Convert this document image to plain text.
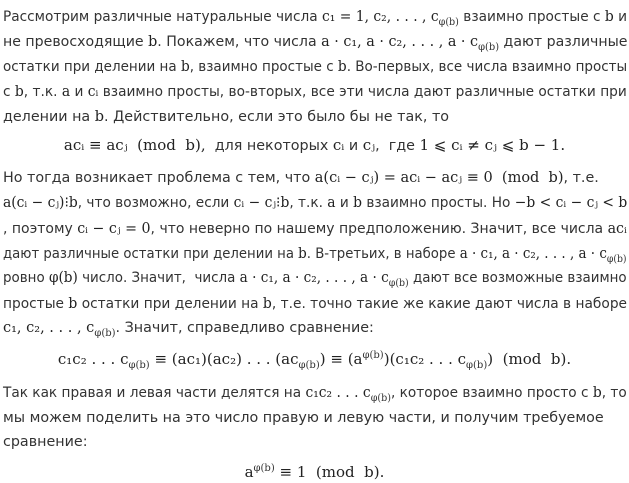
Рассмотрим различные натуральные числа c₁ = 1, c₂, . . . , $c_{\varphi(b)}$ взаимно простые с b и
не превосходящие b. Покажем, что числа a · c₁, a · c₂, . . . , $a \cdot c_{\varphi(b)}$ дают различные
остатки при делении на b, взаимно простые с b. Во-первых, все числа взаимно просты
с b, т.к. a и cᵢ взаимно просты, во-вторых, все эти числа дают различные остатки при
делении на b. Действительно, если это было бы не так, то
acᵢ ≡ acⱼ  (mod  b),  для некоторых cᵢ и cⱼ,  где 1 ⩽ cᵢ ≠ cⱼ ⩽ b − 1.
Но тогда возникает проблема с тем, что a(cᵢ − cⱼ) = acᵢ − acⱼ ≡ 0  (mod  b), т.е.
a(cᵢ − cⱼ)⁝b, что возможно, если cᵢ − cⱼ⁝b, т.к. a и b взаимно просты. Но −b < cᵢ − cⱼ < b
, поэтому cᵢ − cⱼ = 0, что неверно по нашему предположению. Значит, все числа acᵢ
дают различные остатки при делении на b. В-третьих, в наборе a · c₁, a · c₂, . . . , $a \cdot c_{\varphi(b)}$
ровно φ(b) число. Значит,  числа a · c₁, a · c₂, . . . , $a \cdot c_{\varphi(b)}$ дают все возможные взаимно
простые b остатки при делении на b, т.е. точно такие же какие дают числа в наборе
c₁, c₂, . . . , $c_{\varphi(b)}$. Значит, справедливо сравнение:
c₁c₂ . . . $c_{\varphi(b)} \equiv (ac_1)(ac_2)$ . . . $(ac_{\varphi(b)}) \equiv (a^{\varphi(b)})(c_1c_2$ . . . $c_{\varphi(b)}$)  (mod  b).
Так как правая и левая части делятся на c₁c₂ . . . $c_{\varphi(b)}$, которое взаимно просто с b, то
мы можем поделить на это число правую и левую части, и получим требуемое
сравнение:
$a^{\varphi(b)} \equiv 1$  (mod  b).
